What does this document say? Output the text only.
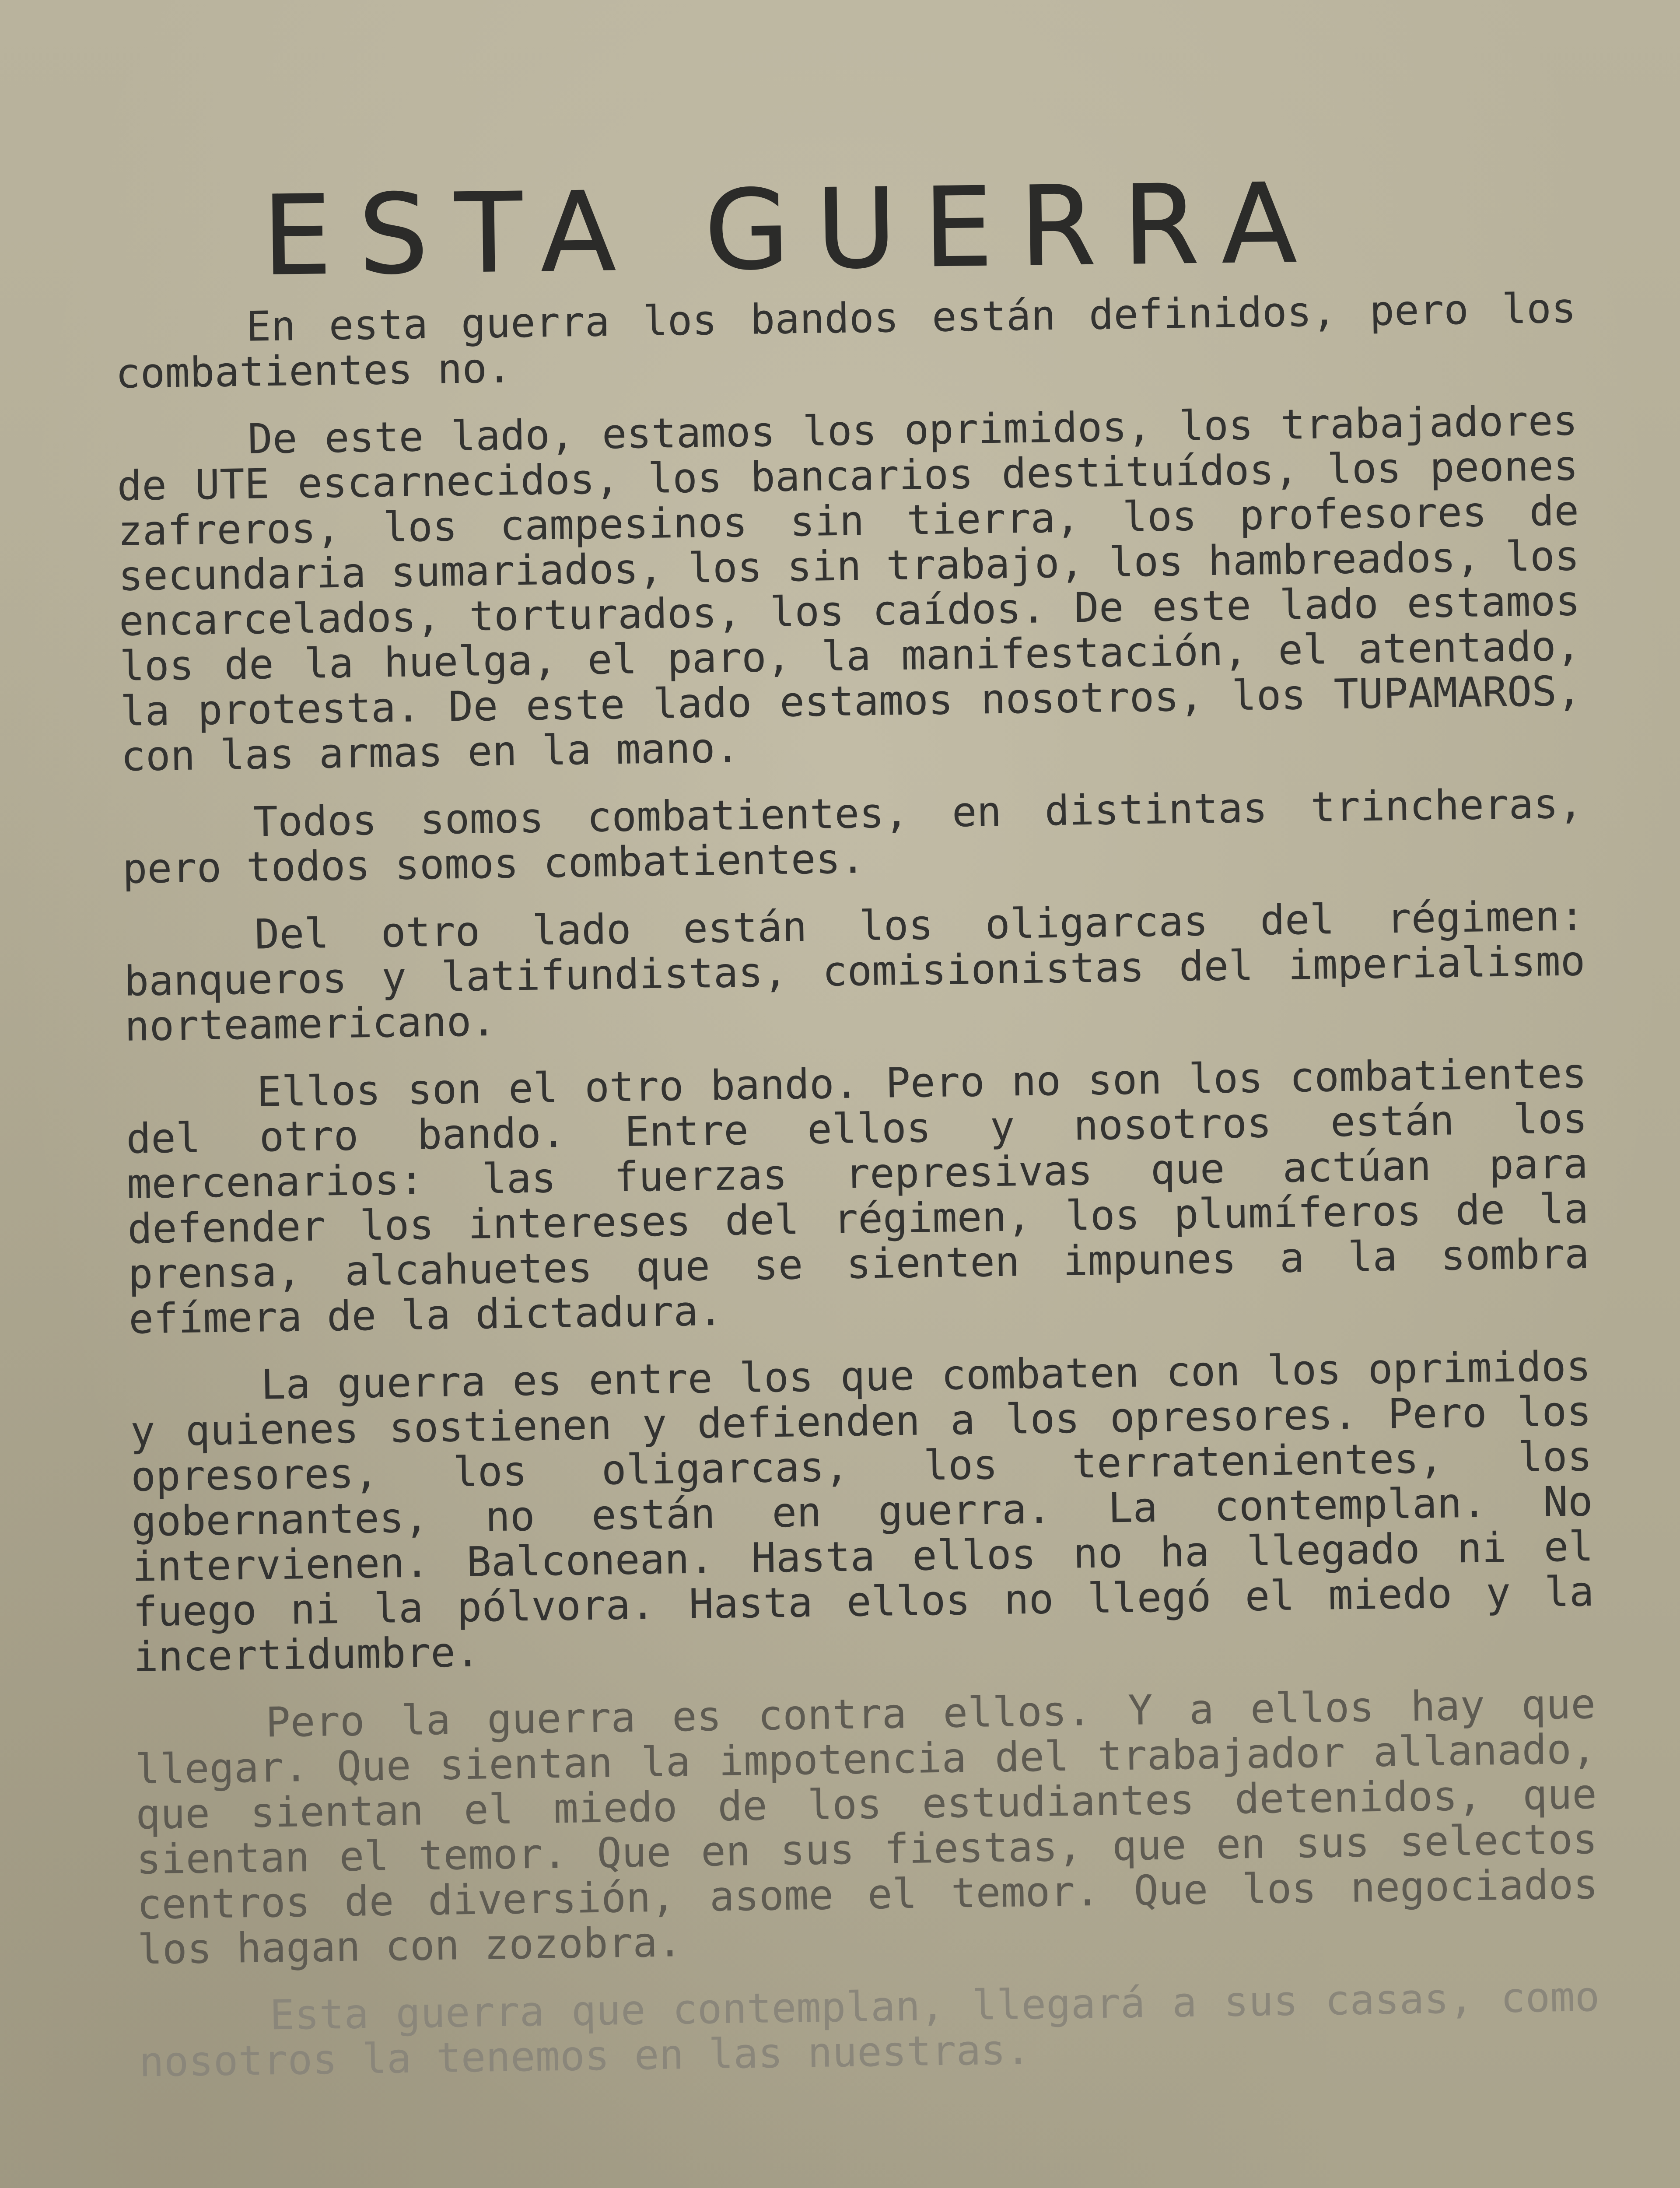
ESTA GUERRA

En esta guerra los bandos están definidos, pero los combatientes no.

De este lado, estamos los oprimidos, los trabajadores de UTE escarnecidos, los bancarios destituídos, los peones zafreros, los campesinos sin tierra, los profesores de secundaria sumariados, los sin trabajo, los hambreados, los encarcelados, torturados, los caídos. De este lado estamos los de la huelga, el paro, la manifestación, el atentado, la protesta. De este lado estamos nosotros, los TUPAMAROS, con las armas en la mano.

Todos somos combatientes, en distintas trincheras, pero todos somos combatientes.

Del otro lado están los oligarcas del régimen: banqueros y latifundistas, comisionistas del imperialismo norteamericano.

Ellos son el otro bando. Pero no son los combatientes del otro bando. Entre ellos y nosotros están los mercenarios: las fuerzas represivas que actúan para defender los intereses del régimen, los plumíferos de la prensa, alcahuetes que se sienten impunes a la sombra efímera de la dictadura.

La guerra es entre los que combaten con los oprimidos y quienes sostienen y defienden a los opresores. Pero los opresores, los oligarcas, los terratenientes, los gobernantes, no están en guerra. La contemplan. No intervienen. Balconean. Hasta ellos no ha llegado ni el fuego ni la pólvora. Hasta ellos no llegó el miedo y la incertidumbre.

Pero la guerra es contra ellos. Y a ellos hay que llegar. Que sientan la impotencia del trabajador allanado, que sientan el miedo de los estudiantes detenidos, que sientan el temor. Que en sus fiestas, que en sus selectos centros de diversión, asome el temor. Que los negociados los hagan con zozobra.

Esta guerra que contemplan, llegará a sus casas, como nosotros la tenemos en las nuestras.
